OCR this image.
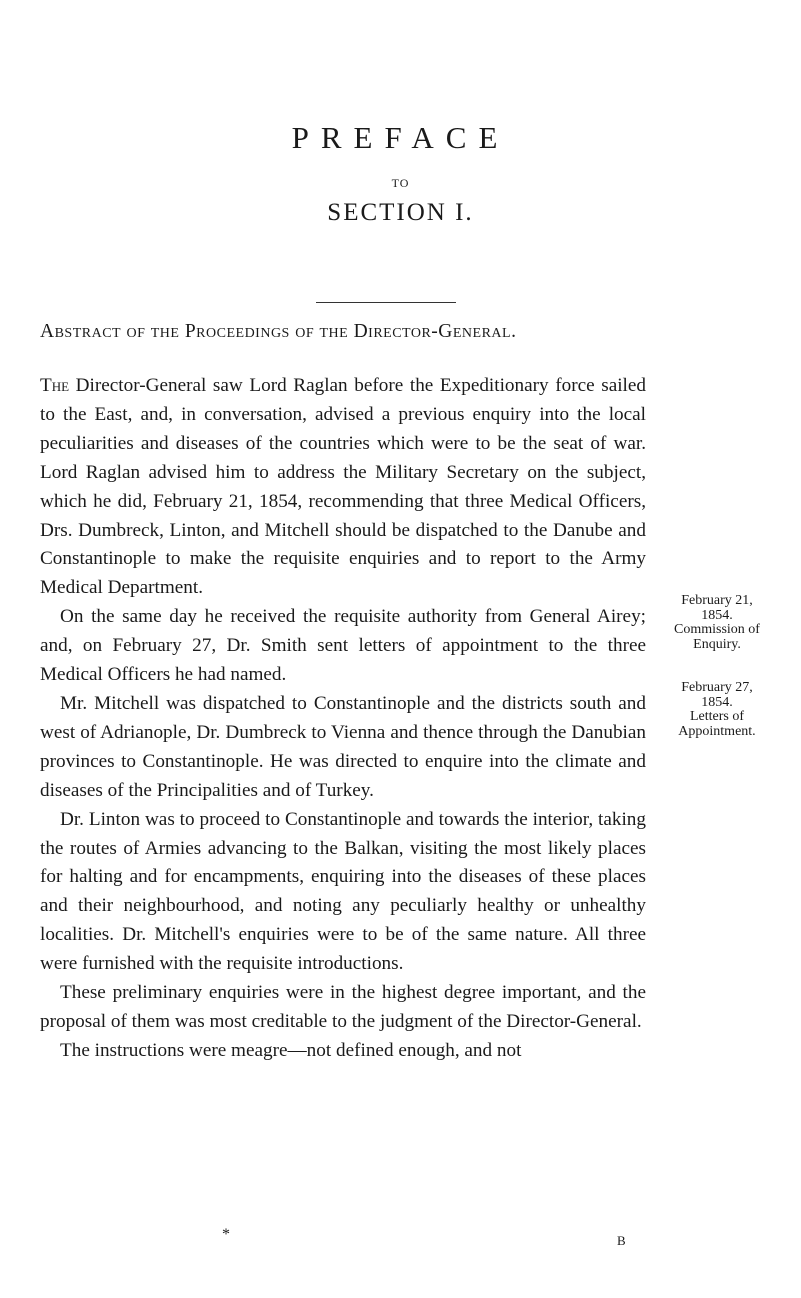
PREFACE
TO
SECTION I.
Abstract of the Proceedings of the Director-General.

The Director-General saw Lord Raglan before the Expeditionary force sailed to the East, and, in conversation, advised a previous enquiry into the local peculiarities and diseases of the countries which were to be the seat of war. Lord Raglan advised him to address the Military Secretary on the subject, which he did, February 21, 1854, recommending that three Medical Officers, Drs. Dumbreck, Linton, and Mitchell should be dispatched to the Danube and Constantinople to make the requisite enquiries and to report to the Army Medical Department.

On the same day he received the requisite authority from General Airey; and, on February 27, Dr. Smith sent letters of appointment to the three Medical Officers he had named.

Mr. Mitchell was dispatched to Constantinople and the districts south and west of Adrianople, Dr. Dumbreck to Vienna and thence through the Danubian provinces to Constantinople. He was directed to enquire into the climate and diseases of the Principalities and of Turkey.

Dr. Linton was to proceed to Constantinople and towards the interior, taking the routes of Armies advancing to the Balkan, visiting the most likely places for halting and for encampments, enquiring into the diseases of these places and their neighbourhood, and noting any peculiarly healthy or unhealthy localities. Dr. Mitchell's enquiries were to be of the same nature. All three were furnished with the requisite introductions.

These preliminary enquiries were in the highest degree important, and the proposal of them was most creditable to the judgment of the Director-General.

The instructions were meagre—not defined enough, and not

February 21,
1854.
Commission of
Enquiry.
February 27,
1854.
Letters of
Appointment.
*	B
